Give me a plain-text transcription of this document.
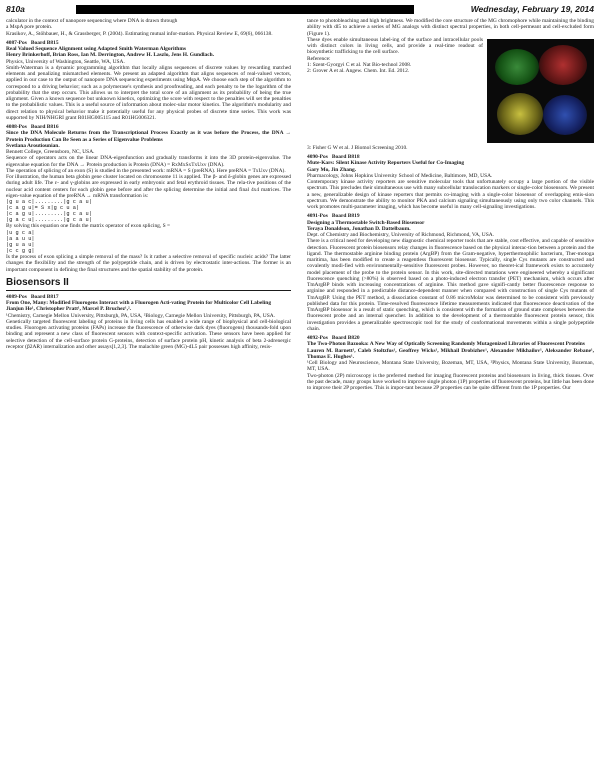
810a	Wednesday, February 19, 2014

calculator in the context of nanopore sequencing where DNA is drawn through

a MspA pore protein.

Krasikov, A., Stöhbauer, H., & Grassberger, P. (2004). Estimating mutual infor-mation. Physical Review E, 69(6), 066138.

4087-Pos Board B815

Real Valued Sequence Alignment using Adapted Smith Waterman Algorithms

Henry Brinkerhoff, Brian Ross, Ian M. Derrington, Andrew H. Laszlo, Jens H. Gundlach.

Physics, University of Washington, Seattle, WA, USA.

Smith-Waterman is a dynamic programming algorithm that locally aligns sequences of discrete values by rewarding matched elements and penalizing mismatched elements. We present an adapted algorithm that aligns sequences of real-valued vectors, applied in our case to the output of nanopore DNA sequencing experiments using MspA. We choose each step of the algorithm to correspond to a driving behavior; such as a polymerase's synthesis and proofreading, and each penalty to be the logarithm of the probability that the step occurs. This allows us to interpret the total score of an alignment as its probability of being the true alignment. Given a known sequence but unknown kinetics, optimizing the score with respect to the penalties will set the penalties to the probabilistic values. This is a useful source of information about molec-ular motor kinetics. The algorithm's modularity and direct relation to physical behavior make it potentially useful for any physical probes of discrete time series. This work was supported by NIH/NHGRI grant R01HG005115 and R01HG006321.

4088-Pos Board B816

Since the DNA Molecule Returns from the Transcriptional Process Exactly as it was before the Process, the DNA → Protein Production Can Be Seen as a Series of Eigenvalue Problems

Svetlana Aroutiounian.

Bennett College, Greensboro, NC, USA.

Sequence of operators acts on the linear DNA-eigenfunction and gradually transforms it into the 3D protein-eigenvalue. The eigenvalue equation for the DNA → Protein production is Protein (DNA) = RxMxSxTxUxν (DNA).

The operation of splicing of an exon (S) is studied in the presented work: mRNA = S (preRNA). Here preRNA = TxUxν (DNA).

For illustration, the human beta globin gene cluster located on chromosome 11 is applied. The β- and δ-globin genes are expressed during adult life. The ε- and γ-globins are expressed in early embryonic and fetal erythroid tissues. The rela-tive positions of the nuclear acid content centers for each globin gene before and after the splicing determine the initial and final 4x4 matrices. The eigen-value equation of the preRNA → mRNA transformation is:

|g u a c|.........|g c a u|
|c a g u|= S x|g c u a|
|c a g u|.........|g c a u|
|g a c u|.........|g c a u|

By solving this equation one finds the matrix operator of exon splicing, S =

|u g c a|
|a a u u|
|g u a u|
|c c g g|

Is the process of exon splicing a simple removal of the mass? Is it rather a selective removal of specific nucleic acids? The latter changes the flexibility and the strength of the polypeptide chain, and is driven by electrostatic inter-actions. The former is an important component in defining the final structures and the spatial stability of the protein.

Biosensors II

4089-Pos Board B817

From One, Many: Modified Fluorogens Interact with a Fluorogen Acti-vating Protein for Multicolor Cell Labeling

Jianjun He¹, Christopher Pratt¹, Marcel P. Bruchez¹,².

¹Chemistry, Carnegie Mellon University, Pittsburgh, PA, USA, ²Biology, Carnegie Mellon University, Pittsburgh, PA, USA.

Genetically targeted fluorescent labeling of proteins in living cells has enabled a wide range of biophysical and cell-biological studies. Fluorogen activating proteins (FAPs) increase the fluorescence of otherwise dark dyes (fluorogens) thousands-fold upon binding and represent a new class of fluorescent sensors with context-specific activation. These sensors have been applied for selective detection of the cell-surface protein G-proteins, detection of surface protein pH, kinetic analysis of beta 2-adrenergic receptor (β2AR) internalization and other assays[1,2,3]. The malachite green (MG)-dL5 pair possesses high affinity, resis-

tance to photobleaching and high brightness. We modified the core structure of the MG chromophore while maintaining the binding ability with dl5 to achieve a series of MG analogs with distinct spectral properties, in both cell-permeant and cell-excluded form (Figure 1).

These dyes enable simultaneous label-ing of the surface and intracellular pools with distinct colors in living cells, and provide a real-time readout of biosynthetic trafficking to the cell surface.

Reference:

1: Szent-Gyorgyi C et al. Nat Bio-technol 2008.

2: Grover A et al. Angew. Chem. Int. Ed. 2012.

3: Fisher G W et al. J Biomol Screening 2010.

4090-Pos Board B818

Mute-Kars: Silent Kinase Activity Reporters Useful for Co-Imaging

Gary Mo, Jin Zhang.

Pharmacology, Johns Hopkins University School of Medicine, Baltimore, MD, USA.

Contemporary kinase activity reporters are sensitive molecular tools that unfortunately occupy a large portion of the visible spectrum. This precludes their simultaneous use with many subcellular translocation markers or single-color biosensors. We present a new, generalizable design of kinase reporters that permits co-imaging with a single-color biosensor of overlapping emis-sion spectrum. We demonstrate the ability to monitor PKA and calcium signaling simultaneously using only two color channels. This work promotes multi-parameter imaging, which has become useful in many cell-signaling investigations.

4091-Pos Board B819

Designing a Thermostable Switch-Based Biosensor

Teraya Donaldson, Jonathan D. Dattelbaum.

Dept. of Chemistry and Biochemistry, University of Richmond, Richmond, VA, USA.

There is a critical need for developing new diagnostic chemical reporter tools that are stable, cost effective, and capable of sensitive detection. Fluorescent protein biosensors relay changes in fluorescence based on the physical interac-tion between a protein and the ligand. The thermostable arginine binding protein (ArgBP) from the Gram-negative, hyperthermophilic bacterium, Ther-motoga maritima, has been modified to create a reagentless fluorescent biosensor. Typically, single Cys mutants are constructed and covalently modi-fied with environmentally-sensitive fluorescent probes. However, no theoret-ical framework exists to accurately model placement of the probe to the protein sensor. In this work, site-directed mutations were engineered whereby a significant fluorescence quenching (>80%) is observed based on a photo-induced electron transfer (PET) mechanism, which occurs after TmArgBP binds with increasing concentrations of arginine. This method gave signifi-cantly better fluorescence response to arginine and responded in a predictable distance-dependent manner when compared with construction of single Cys mutants of TmArgBP. Using the PET method, a dissociation constant of 0.86 microMolar was determined to be consistent with previously published data for this protein. Time-resolved fluorescence lifetime measurements indicated that fluorescence deactivation of the TmArgBP biosensor is a result of static quenching, which is consistent with the formation of ground state complexes between the fluorescent probe and an internal quencher. In addition to the development of a thermostable fluorescent protein sensor, this investigation provides a generalizable spectroscopic tool for the study of conformational movements within a single polypeptide chain.

4092-Pos Board B820

The Two-Photon Bazooka: A New Way of Optically Screening Randomly Mutagenized Libraries of Fluorescent Proteins

Lauren M. Barnett¹, Caleb Stoltzfus¹, Geoffrey Wicks¹, Mikhail Drobizhev¹, Alexander Mikhailov¹, Aleksander Rebane¹, Thomas E. Hughes¹.

¹Cell Biology and Neuroscience, Montana State University, Bozeman, MT, USA, ²Physics, Montana State University, Bozeman, MT, USA.

Two-photon (2P) microscopy is the preferred method for imaging fluorescent proteins and biosensors in living, thick tissues. Over the past decade, many groups have worked to improve single photon (1P) properties of fluorescent proteins, but little has been done to improve their 2P properties. This is impor-tant because 2P properties can be quite different from the 1P properties. Our
